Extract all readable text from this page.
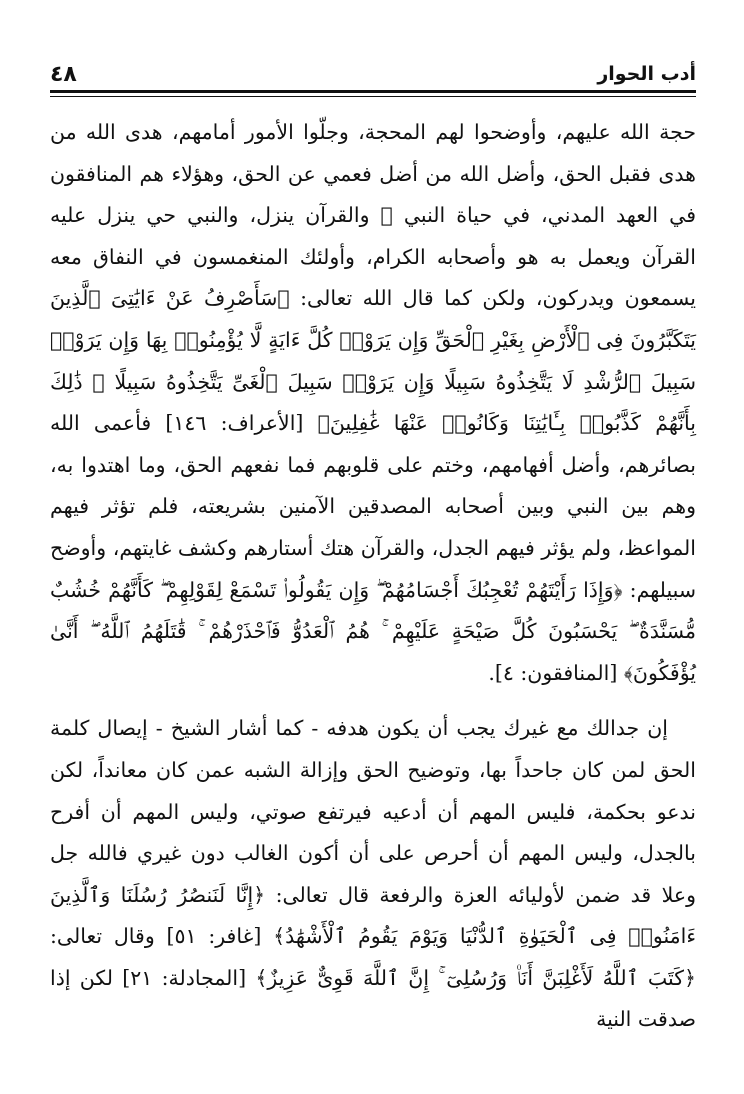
أدب الحوار
٤٨

حجة الله عليهم، وأوضحوا لهم المحجة، وجلّوا الأمور أمامهم، هدى الله من هدى فقبل الحق، وأضل الله من أضل فعمي عن الحق، وهؤلاء هم المنافقون في العهد المدني، في حياة النبي ﷺ والقرآن ينزل، والنبي حي ينزل عليه القرآن ويعمل به هو وأصحابه الكرام، وأولئك المنغمسون في النفاق معه يسمعون ويدركون، ولكن كما قال الله تعالى: ﴿سَأَصْرِفُ عَنْ ءَايَٰتِىَ ٱلَّذِينَ يَتَكَبَّرُونَ فِى ٱلْأَرْضِ بِغَيْرِ ٱلْحَقِّ وَإِن يَرَوْا۟ كُلَّ ءَايَةٍ لَّا يُؤْمِنُوا۟ بِهَا وَإِن يَرَوْا۟ سَبِيلَ ٱلرُّشْدِ لَا يَتَّخِذُوهُ سَبِيلًا وَإِن يَرَوْا۟ سَبِيلَ ٱلْغَىِّ يَتَّخِذُوهُ سَبِيلًا ۚ ذَٰلِكَ بِأَنَّهُمْ كَذَّبُوا۟ بِـَٔايَٰتِنَا وَكَانُوا۟ عَنْهَا غَٰفِلِينَ﴾ [الأعراف: ١٤٦] فأعمى الله بصائرهم، وأضل أفهامهم، وختم على قلوبهم فما نفعهم الحق، وما اهتدوا به، وهم بين النبي وبين أصحابه المصدقين الآمنين بشريعته، فلم تؤثر فيهم المواعظ، ولم يؤثر فيهم الجدل، والقرآن هتك أستارهم وكشف غايتهم، وأوضح سبيلهم: ﴿وَإِذَا رَأَيْتَهُمْ تُعْجِبُكَ أَجْسَامُهُمْ ۖ وَإِن يَقُولُوا۟ تَسْمَعْ لِقَوْلِهِمْ ۖ كَأَنَّهُمْ خُشُبٌ مُّسَنَّدَةٌ ۖ يَحْسَبُونَ كُلَّ صَيْحَةٍ عَلَيْهِمْ ۚ هُمُ ٱلْعَدُوُّ فَٱحْذَرْهُمْ ۚ قَٰتَلَهُمُ ٱللَّهُ ۖ أَنَّىٰ يُؤْفَكُونَ﴾ [المنافقون: ٤].

إن جدالك مع غيرك يجب أن يكون هدفه - كما أشار الشيخ - إيصال كلمة الحق لمن كان جاحداً بها، وتوضيح الحق وإزالة الشبه عمن كان معانداً، لكن ندعو بحكمة، فليس المهم أن أدعيه فيرتفع صوتي، وليس المهم أن أفرح بالجدل، وليس المهم أن أحرص على أن أكون الغالب دون غيري فالله جل وعلا قد ضمن لأوليائه العزة والرفعة قال تعالى: ﴿إِنَّا لَنَنصُرُ رُسُلَنَا وَٱلَّذِينَ ءَامَنُوا۟ فِى ٱلْحَيَوٰةِ ٱلدُّنْيَا وَيَوْمَ يَقُومُ ٱلْأَشْهَٰدُ﴾ [غافر: ٥١] وقال تعالى: ﴿كَتَبَ ٱللَّهُ لَأَغْلِبَنَّ أَنَا۠ وَرُسُلِىٓ ۚ إِنَّ ٱللَّهَ قَوِىٌّ عَزِيزٌ﴾ [المجادلة: ٢١] لكن إذا صدقت النية
